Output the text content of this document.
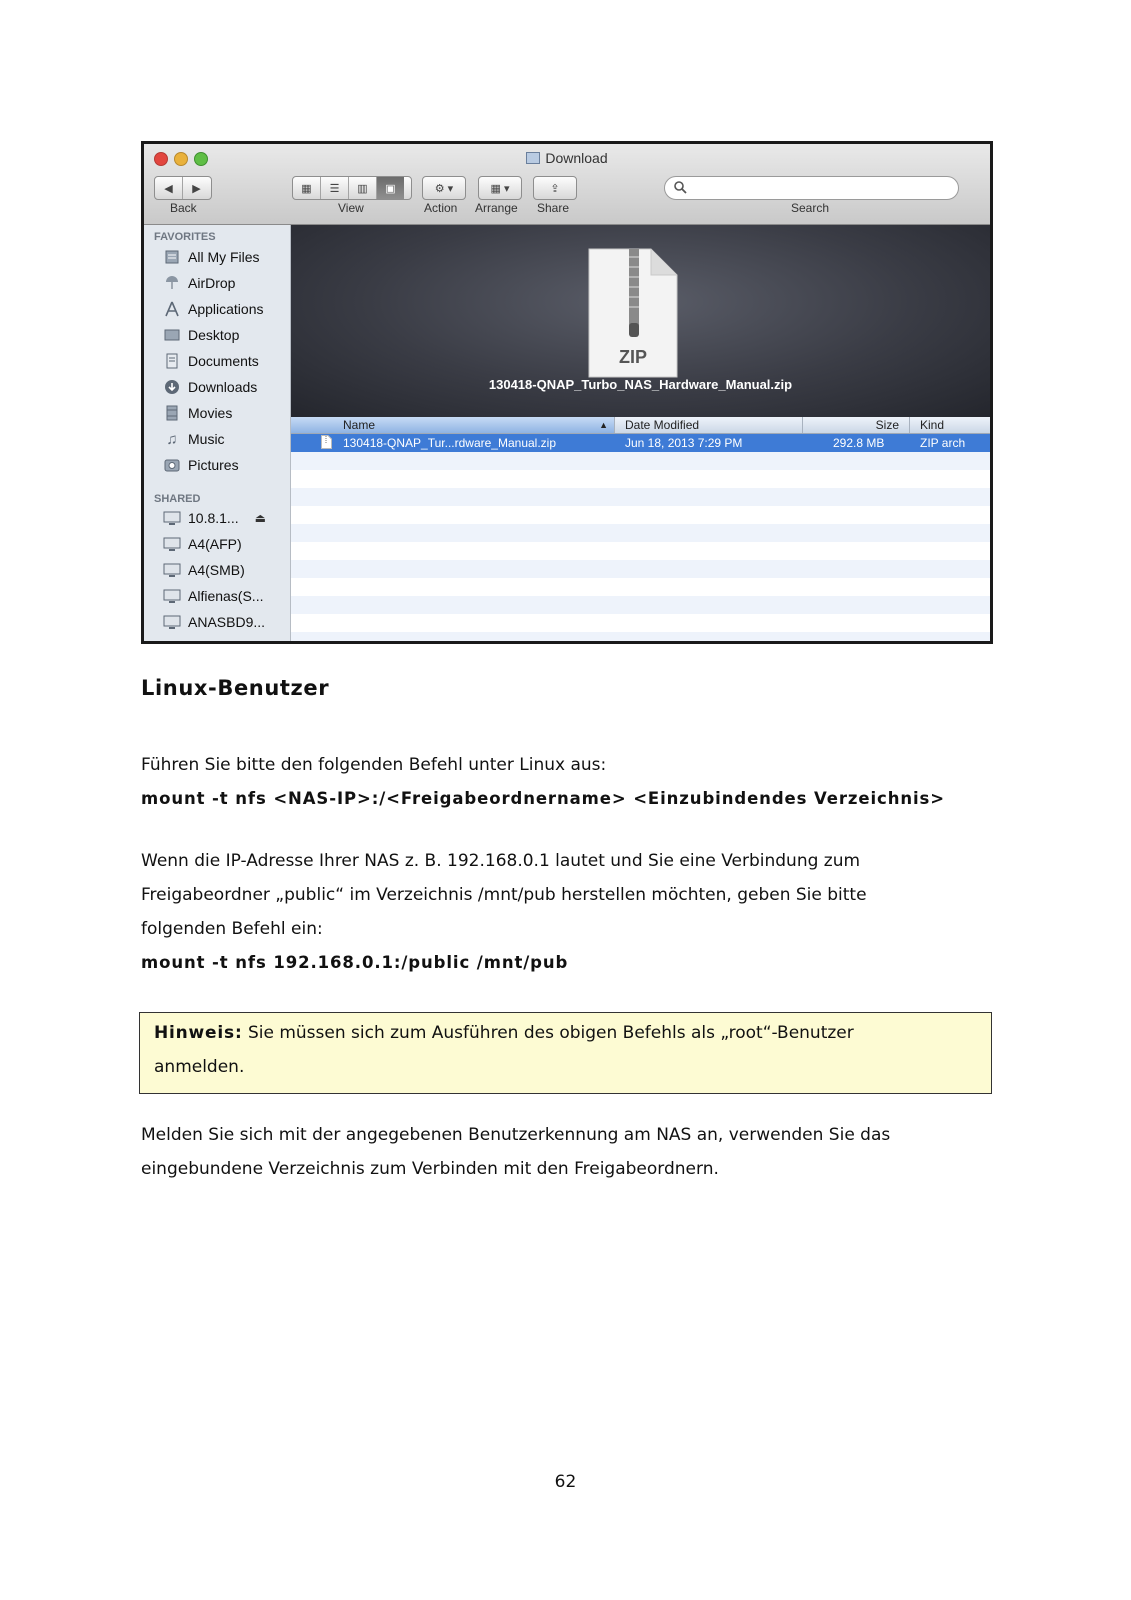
Download
◀	▶
Back
▦	☰	▥	▣
View
⚙ ▾
Action
▦ ▾
Arrange
⇪
Share	Search
FAVORITES
All My Files
AirDrop
Applications
Desktop
Documents
Downloads
Movies
♫ Music
Pictures
SHARED
10.8.1... ⏏
A4(AFP)
A4(SMB)
Alfienas(S...
ANASBD9...
ZIP
130418-QNAP_Turbo_NAS_Hardware_Manual.zip
Name	▲	Date Modified	Size	Kind
130418-QNAP_Tur...rdware_Manual.zip	Jun 18, 2013 7:29 PM	292.8 MB	ZIP arch
Linux-Benutzer

Führen Sie bitte den folgenden Befehl unter Linux aus:

mount -t nfs <NAS-IP>:/<Freigabeordnername> <Einzubindendes Verzeichnis>

Wenn die IP-Adresse Ihrer NAS z. B. 192.168.0.1 lautet und Sie eine Verbindung zum

Freigabeordner „public“ im Verzeichnis /mnt/pub herstellen möchten, geben Sie bitte

folgenden Befehl ein:

mount -t nfs 192.168.0.1:/public /mnt/pub
Hinweis: Sie müssen sich zum Ausführen des obigen Befehls als „root“-Benutzer
anmelden.

Melden Sie sich mit der angegebenen Benutzerkennung am NAS an, verwenden Sie das

eingebundene Verzeichnis zum Verbinden mit den Freigabeordnern.

62
